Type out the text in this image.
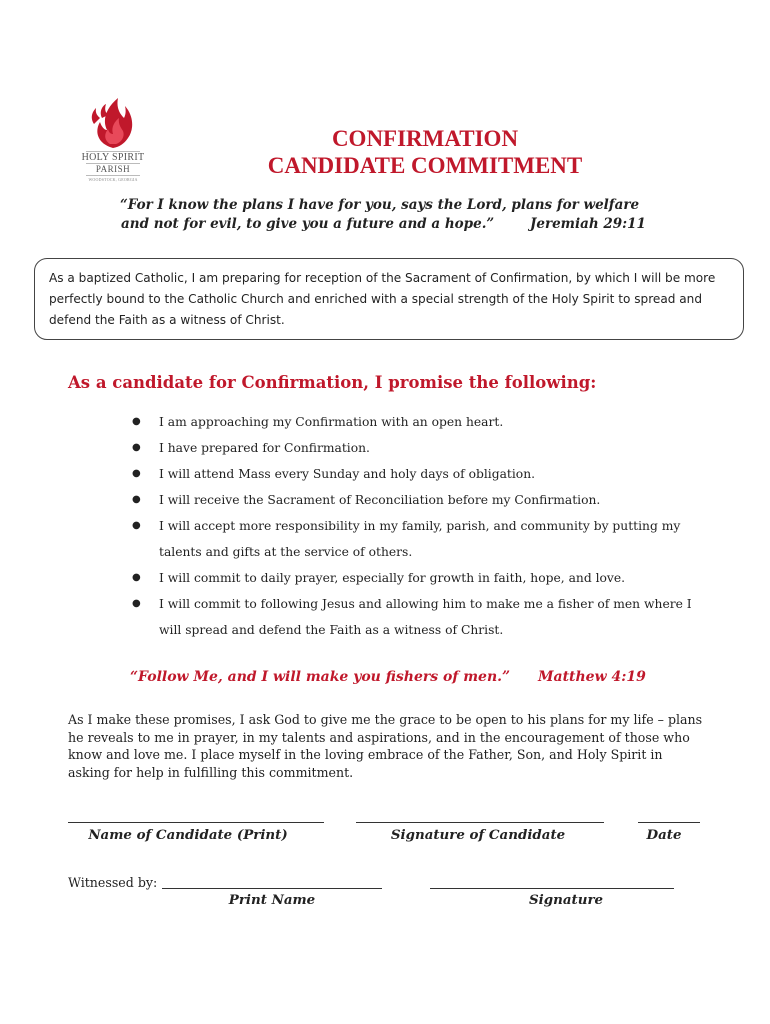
HOLY SPIRIT
PARISH
WOODSTOCK, GEORGIA
CONFIRMATION
CANDIDATE COMMITMENT
“For I know the plans I have for you, says the Lord, plans for welfare
and not for evil, to give you a future and a hope.”	Jeremiah 29:11
As a baptized Catholic, I am preparing for reception of the Sacrament of Confirmation, by which I will be more perfectly bound to the Catholic Church and enriched with a special strength of the Holy Spirit to spread and defend the Faith as a witness of Christ.
As a candidate for Confirmation, I promise the following:
● I am approaching my Confirmation with an open heart.
● I have prepared for Confirmation.
● I will attend Mass every Sunday and holy days of obligation.
● I will receive the Sacrament of Reconciliation before my Confirmation.
● I will accept more responsibility in my family, parish, and community by putting my talents and gifts at the service of others.
● I will commit to daily prayer, especially for growth in faith, hope, and love.
● I will commit to following Jesus and allowing him to make me a fisher of men where I will spread and defend the Faith as a witness of Christ.
“Follow Me, and I will make you fishers of men.” Matthew 4:19
As I make these promises, I ask God to give me the grace to be open to his plans for my life – plans he reveals to me in prayer, in my talents and aspirations, and in the encouragement of those who know and love me. I place myself in the loving embrace of the Father, Son, and Holy Spirit in asking for help in fulfilling this commitment.
Name of Candidate (Print)	Signature of Candidate	Date
Witnessed by:
Print Name	Signature
